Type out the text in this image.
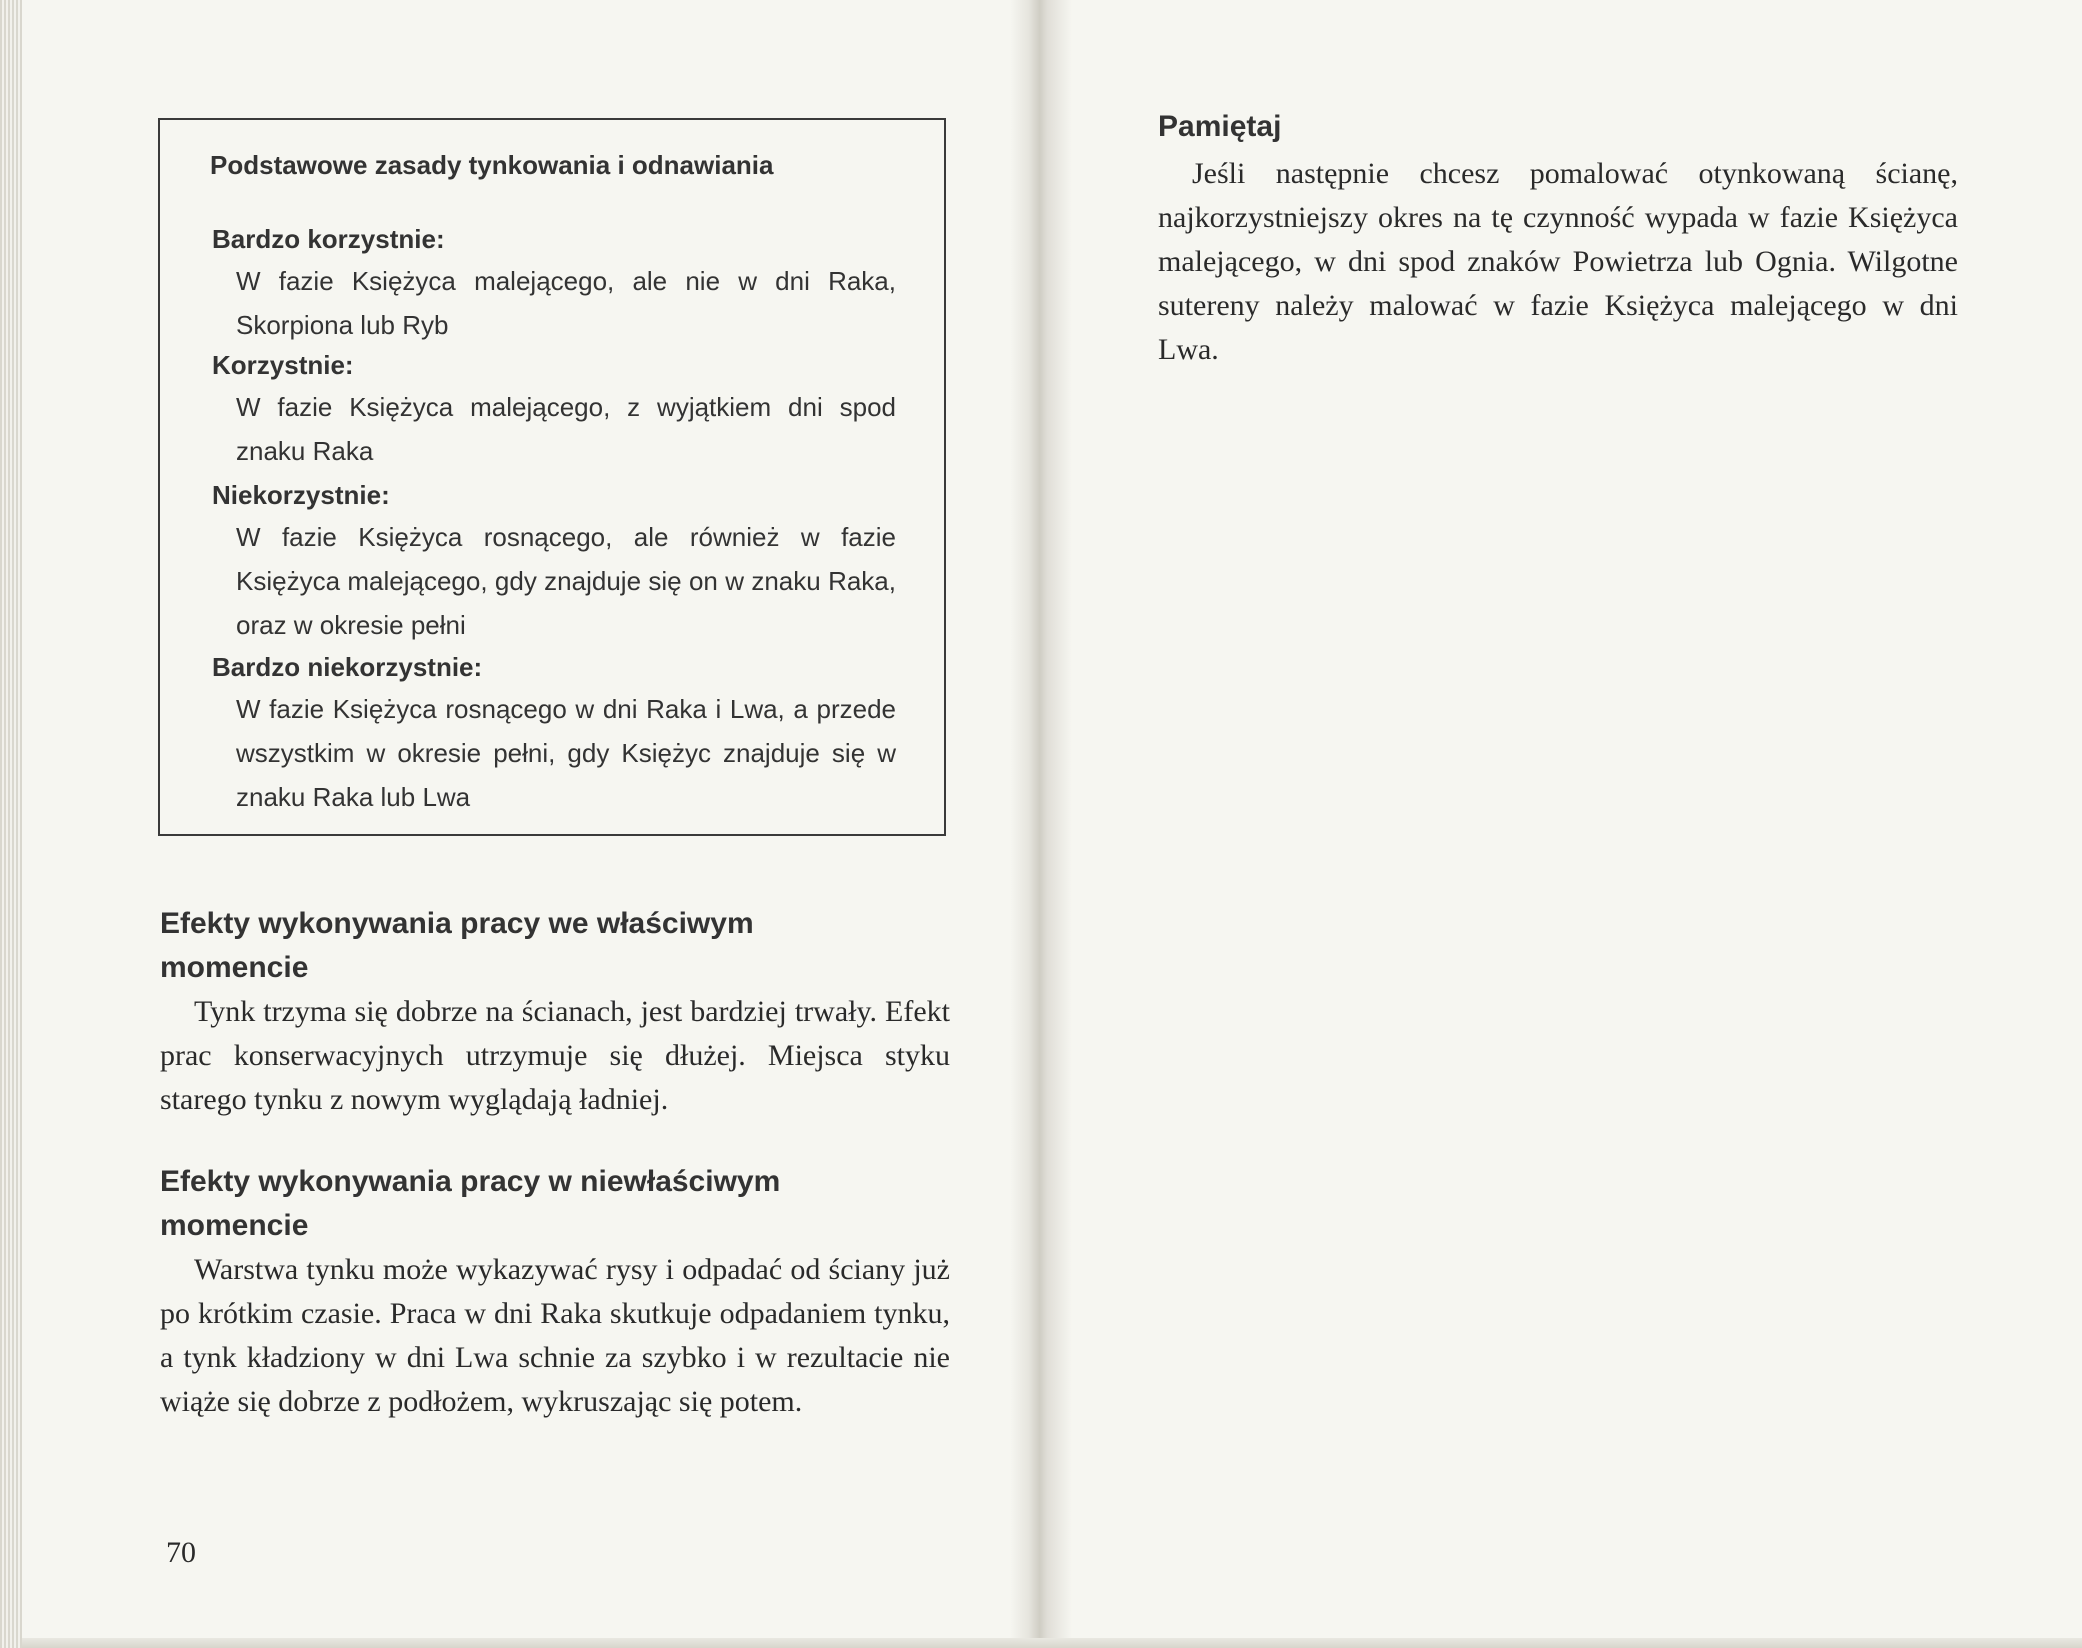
Podstawowe zasady tynkowania i odnawiania

Bardzo korzystnie:

W fazie Księżyca malejącego, ale nie w dni Raka, Skorpiona lub Ryb

Korzystnie:

W fazie Księżyca malejącego, z wyjątkiem dni spod znaku Raka

Niekorzystnie:

W fazie Księżyca rosnącego, ale również w fazie Księżyca malejącego, gdy znajduje się on w znaku Raka, oraz w okresie pełni

Bardzo niekorzystnie:

W fazie Księżyca rosnącego w dni Raka i Lwa, a przede wszystkim w okresie pełni, gdy Księżyc znajduje się w znaku Raka lub Lwa

Efekty wykonywania pracy we właściwym momencie

Tynk trzyma się dobrze na ścianach, jest bardziej trwały. Efekt prac konserwacyjnych utrzymuje się dłużej. Miejsca styku starego tynku z nowym wyglądają ładniej.

Efekty wykonywania pracy w niewłaściwym momencie

Warstwa tynku może wykazywać rysy i odpadać od ściany już po krótkim czasie. Praca w dni Raka skutkuje odpadaniem tynku, a tynk kładziony w dni Lwa schnie za szybko i w rezultacie nie wiąże się dobrze z podłożem, wykruszając się potem.

70
Pamiętaj

Jeśli następnie chcesz pomalować otynkowaną ścianę, najkorzystniejszy okres na tę czynność wypada w fazie Księżyca malejącego, w dni spod znaków Powietrza lub Ognia. Wilgotne sutereny należy malować w fazie Księżyca malejącego w dni Lwa.
